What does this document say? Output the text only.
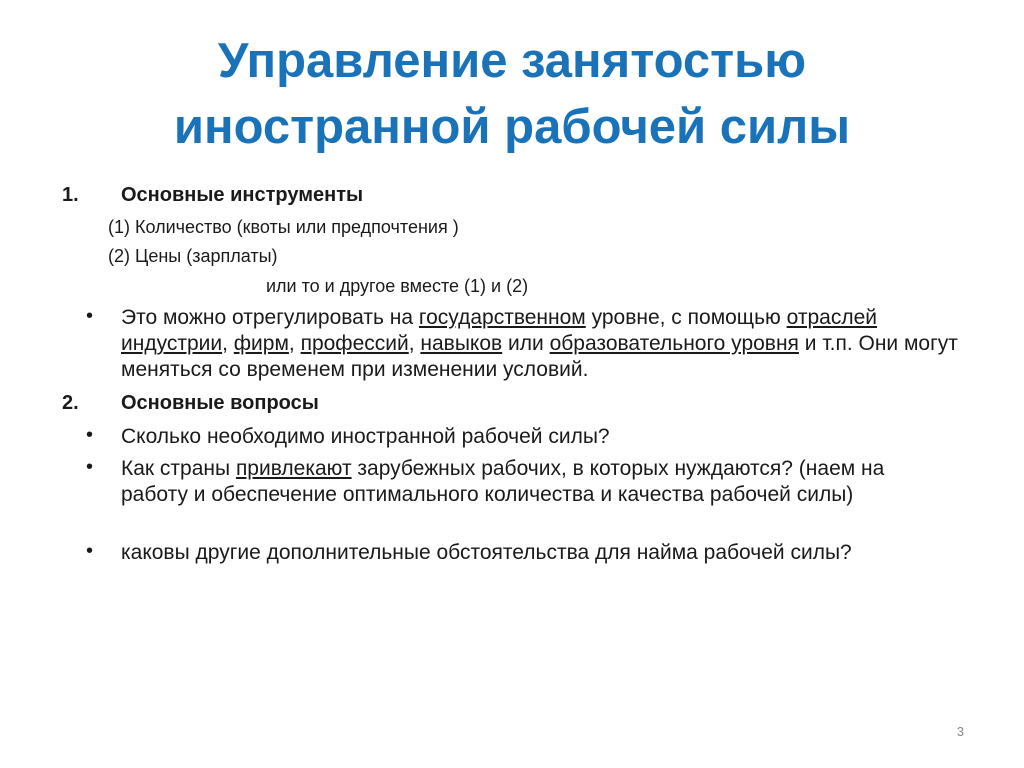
Управление занятостью
иностранной рабочей силы
1. Основные инструменты
(1) Количество (квоты или предпочтения )
(2) Цены (зарплаты)
или то и другое вместе (1) и (2)
• Это можно отрегулировать на государственном уровне, с помощью отраслей индустрии, фирм, профессий, навыков или образовательного уровня и т.п. Они могут меняться со временем при изменении условий.
2. Основные вопросы
• Сколько необходимо иностранной рабочей силы?
• Как страны привлекают зарубежных рабочих, в которых нуждаются? (наем на работу и обеспечение оптимального количества и качества рабочей силы)
• каковы другие дополнительные обстоятельства для найма рабочей силы?
3
